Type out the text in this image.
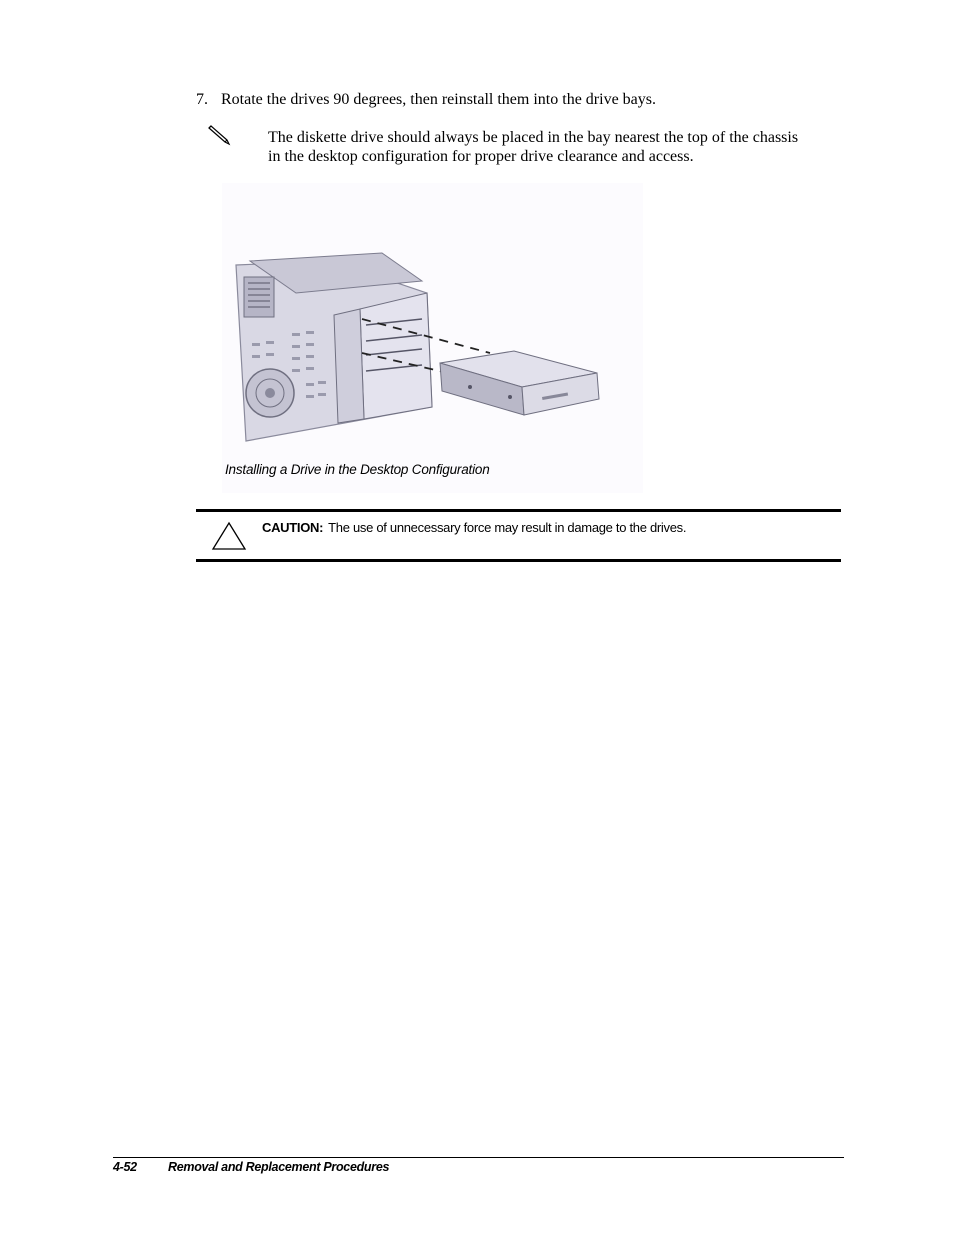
7. Rotate the drives 90 degrees, then reinstall them into the drive bays.
The diskette drive should always be placed in the bay nearest the top of the chassis in the desktop configuration for proper drive clearance and access.
Installing a Drive in the Desktop Configuration
CAUTION: The use of unnecessary force may result in damage to the drives.
4-52 Removal and Replacement Procedures
